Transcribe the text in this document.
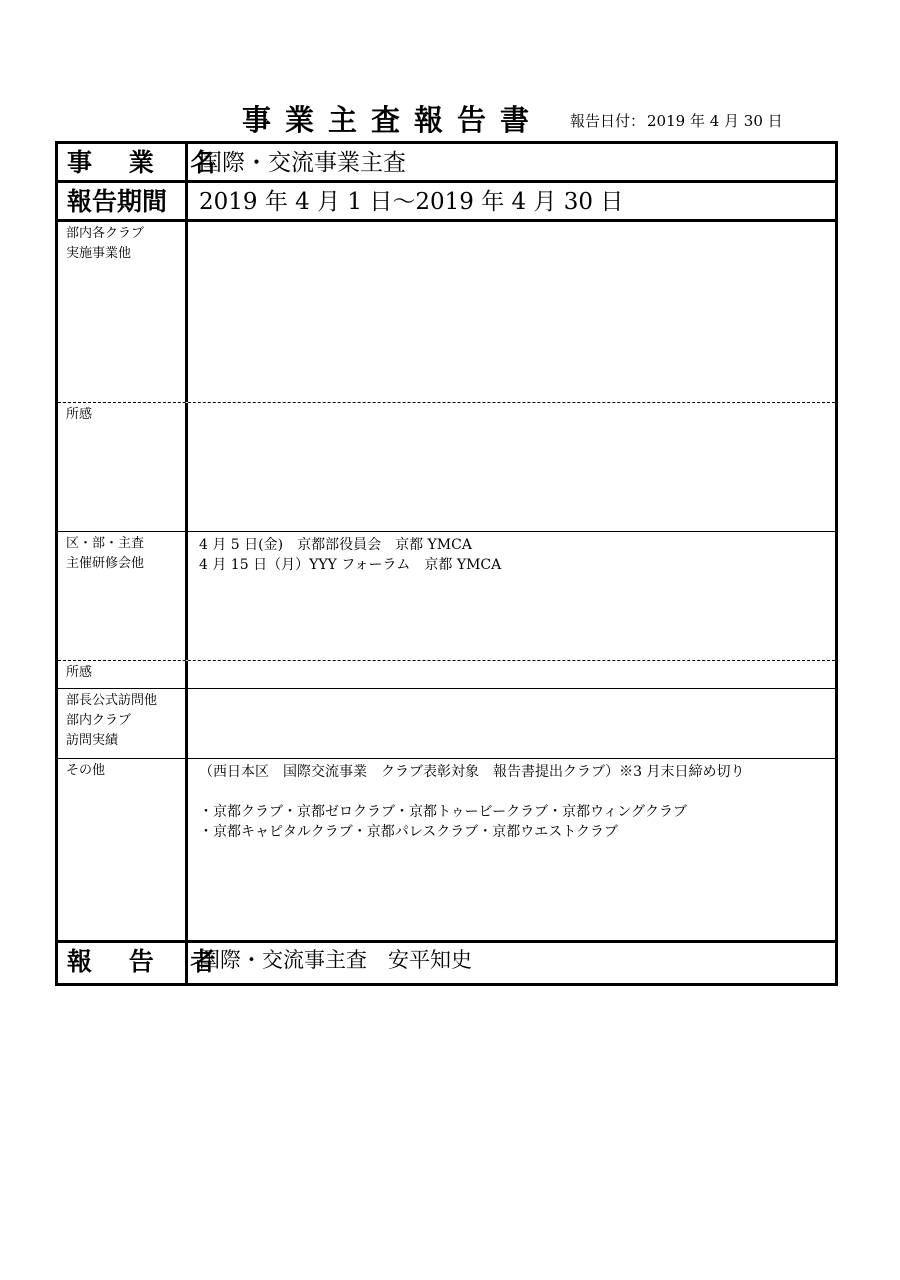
事業主査報告書 報告日付： 2019 年 4 月 30 日
事 業 名
国際・交流事業主査
報告期間	2019 年 4 月 1 日～2019 年 4 月 30 日
部内各クラブ
実施事業他
所感
区・部・主査
主催研修会他
4 月 5 日(金)　京都部役員会　京都 YMCA
4 月 15 日（月）YYY フォーラム　京都 YMCA
所感
部長公式訪問他
部内クラブ
訪問実績
その他	（西日本区　国際交流事業　クラブ表彰対象　報告書提出クラブ）※3 月末日締め切り
・京都クラブ・京都ゼロクラブ・京都トゥービークラブ・京都ウィングクラブ
・京都キャピタルクラブ・京都パレスクラブ・京都ウエストクラブ
報 告 者
国際・交流事主査　安平知史
